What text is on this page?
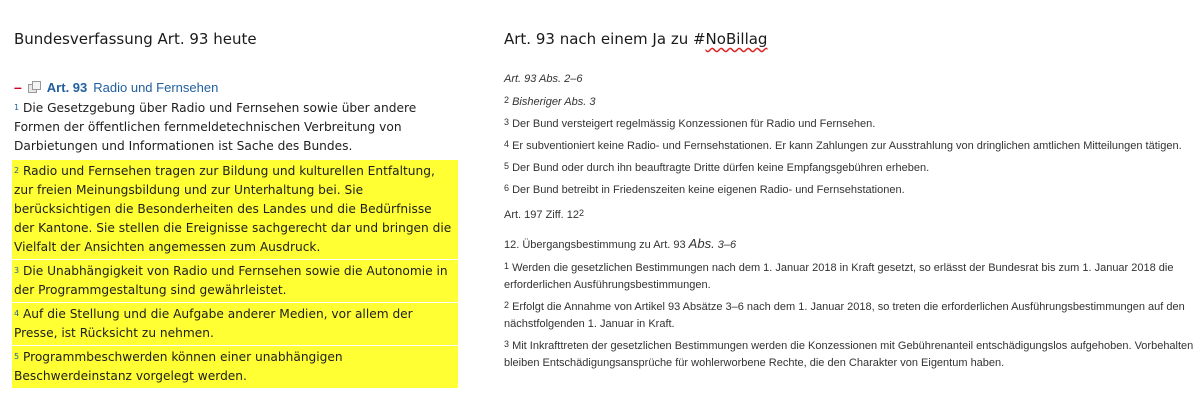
Bundesverfassung Art. 93 heute
– Art. 93 Radio und Fernsehen
$^1$ Die Gesetzgebung über Radio und Fernsehen sowie über andere Formen der öffentlichen fernmeldetechnischen Verbreitung von Darbietungen und Informationen ist Sache des Bundes.
$^2$ Radio und Fernsehen tragen zur Bildung und kulturellen Entfaltung, zur freien Meinungsbildung und zur Unterhaltung bei. Sie berücksichtigen die Besonderheiten des Landes und die Bedürfnisse der Kantone. Sie stellen die Ereignisse sachgerecht dar und bringen die Vielfalt der Ansichten angemessen zum Ausdruck.
$^3$ Die Unabhängigkeit von Radio und Fernsehen sowie die Autonomie in der Programmgestaltung sind gewährleistet.
$^4$ Auf die Stellung und die Aufgabe anderer Medien, vor allem der Presse, ist Rücksicht zu nehmen.
$^5$ Programmbeschwerden können einer unabhängigen Beschwerdeinstanz vorgelegt werden.
Art. 93 nach einem Ja zu #NoBillag
Art. 93 Abs. 2–6
$^2$ Bisheriger Abs. 3
$^3$ Der Bund versteigert regelmässig Konzessionen für Radio und Fernsehen.
$^4$ Er subventioniert keine Radio- und Fernsehstationen. Er kann Zahlungen zur Ausstrahlung von dringlichen amtlichen Mitteilungen tätigen.
$^5$ Der Bund oder durch ihn beauftragte Dritte dürfen keine Empfangsgebühren erheben.
$^6$ Der Bund betreibt in Friedenszeiten keine eigenen Radio- und Fernsehstationen.
Art. 197 Ziff. $12^2$
12. Übergangsbestimmung zu Art. 93 Abs. 3–6
$^1$ Werden die gesetzlichen Bestimmungen nach dem 1. Januar 2018 in Kraft gesetzt, so erlässt der Bundesrat bis zum 1. Januar 2018 die erforderlichen Ausführungsbestimmungen.
$^2$ Erfolgt die Annahme von Artikel 93 Absätze 3–6 nach dem 1. Januar 2018, so treten die erforderlichen Ausführungsbestimmungen auf den nächstfolgenden 1. Januar in Kraft.
$^3$ Mit Inkrafttreten der gesetzlichen Bestimmungen werden die Konzessionen mit Gebührenanteil entschädigungslos aufgehoben. Vorbehalten bleiben Entschädigungsansprüche für wohlerworbene Rechte, die den Charakter von Eigentum haben.
